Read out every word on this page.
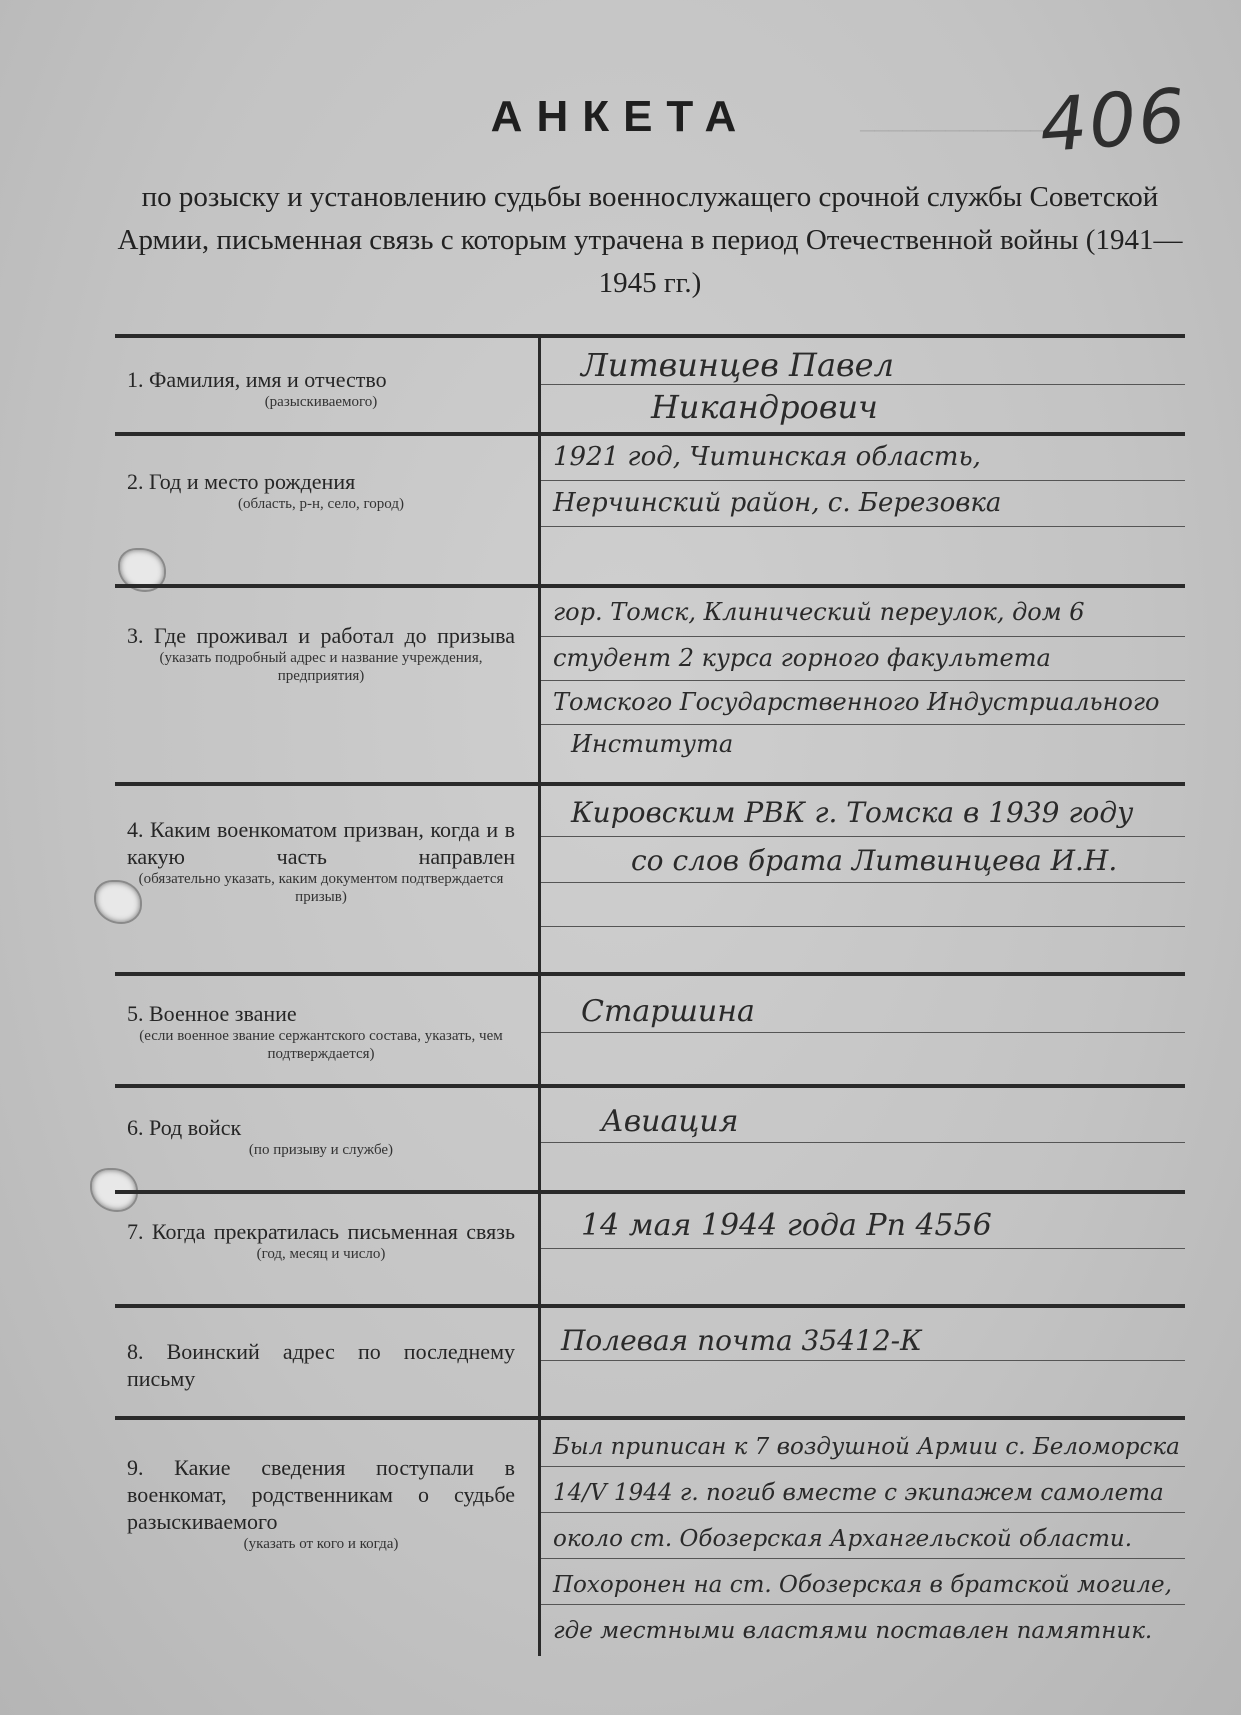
─────────────
406
АНКЕТА
по розыску и установлению судьбы военнослужащего срочной службы Советской Армии, письменная связь с которым утрачена в период Отечественной войны (1941—1945 гг.)
1. Фамилия, имя и отчество
(разыскиваемого)
Литвинцев Павел
Никандрович
2. Год и место рождения
(область, р-н, село, город)
1921 год, Читинская область,
Нерчинский район, с. Березовка
3. Где проживал и работал до призыва
(указать подробный адрес и название учреждения, предприятия)
гор. Томск, Клинический переулок, дом 6
студент 2 курса горного факультета
Томского Государственного Индустриального
Института
4. Каким военкоматом призван, когда и в какую часть направлен
(обязательно указать, каким документом подтверждается призыв)
Кировским РВК г. Томска в 1939 году
со слов брата Литвинцева И.Н.
5. Военное звание
(если военное звание сержантского состава, указать, чем подтверждается)
Старшина
6. Род войск
(по призыву и службе)
Авиация
7. Когда прекратилась письменная связь
(год, месяц и число)
14 мая 1944 года Рп 4556
8. Воинский адрес по последнему письму
Полевая почта 35412-К
9. Какие сведения поступали в военкомат, родственникам о судьбе разыскиваемого
(указать от кого и когда)
Был приписан к 7 воздушной Армии с. Беломорска
14/V 1944 г. погиб вместе с экипажем самолета
около ст. Обозерская Архангельской области.
Похоронен на ст. Обозерская в братской могиле,
где местными властями поставлен памятник.
